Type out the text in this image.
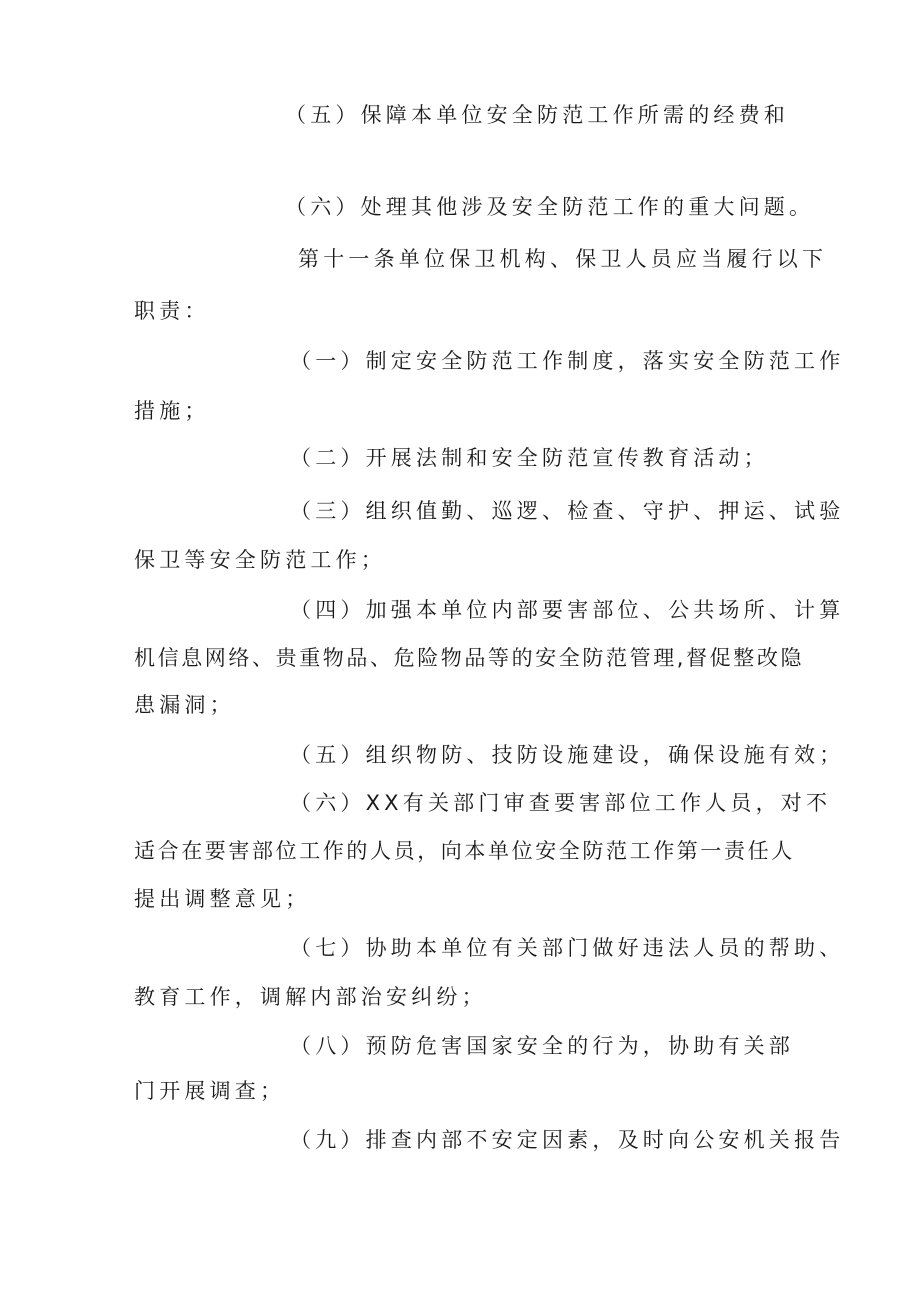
（五）保障本单位安全防范工作所需的经费和
（六）处理其他涉及安全防范工作的重大问题。
第十一条单位保卫机构、保卫人员应当履行以下
职责：
（一）制定安全防范工作制度，落实安全防范工作
措施；
（二）开展法制和安全防范宣传教育活动；
（三）组织值勤、巡逻、检查、守护、押运、试验
保卫等安全防范工作；
（四）加强本单位内部要害部位、公共场所、计算
机信息网络、贵重物品、危险物品等的安全防范管理,督促整改隐
患漏洞；
（五）组织物防、技防设施建设，确保设施有效；
（六）XX有关部门审查要害部位工作人员，对不
适合在要害部位工作的人员，向本单位安全防范工作第一责任人
提出调整意见；
（七）协助本单位有关部门做好违法人员的帮助、
教育工作，调解内部治安纠纷；
（八）预防危害国家安全的行为，协助有关部
门开展调查；
（九）排查内部不安定因素，及时向公安机关报告
